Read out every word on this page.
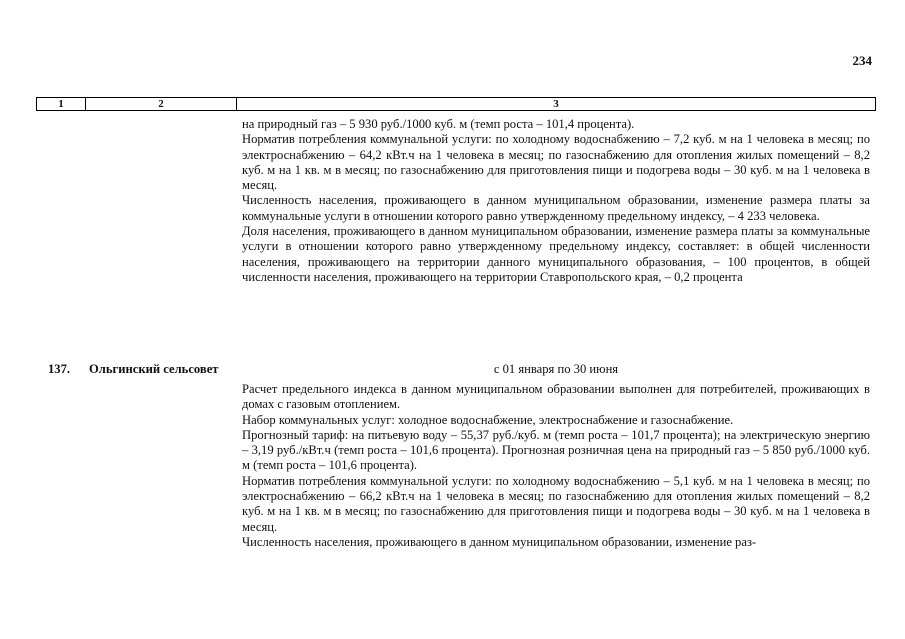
234
1	2	3

на природный газ – 5 930 руб./1000 куб. м (темп роста – 101,4 процента).

Норматив потребления коммунальной услуги: по холодному водоснабжению – 7,2 куб. м на 1 человека в месяц; по электроснабжению – 64,2 кВт.ч на 1 человека в месяц; по газоснабжению для отопления жилых помещений – 8,2 куб. м на 1 кв. м в месяц; по газоснабжению для приготовления пищи и подогрева воды – 30 куб. м на 1 человека в месяц.

Численность населения, проживающего в данном муниципальном образовании, изменение размера платы за коммунальные услуги в отношении которого равно утвержденному предельному индексу, – 4 233 человека.

Доля населения, проживающего в данном муниципальном образовании, изменение размера платы за коммунальные услуги в отношении которого равно утвержденному предельному индексу, составляет: в общей численности населения, проживающего на территории данного муниципального образования, – 100 процентов, в общей численности населения, проживающего на территории Ставропольского края, – 0,2 процента

137. Ольгинский сельсовет	с 01 января по 30 июня

Расчет предельного индекса в данном муниципальном образовании выполнен для потребителей, проживающих в домах с газовым отоплением.

Набор коммунальных услуг: холодное водоснабжение, электроснабжение и газоснабжение.

Прогнозный тариф: на питьевую воду – 55,37 руб./куб. м (темп роста – 101,7 процента); на электрическую энергию – 3,19 руб./кВт.ч (темп роста – 101,6 процента). Прогнозная розничная цена на природный газ – 5 850 руб./1000 куб. м (темп роста – 101,6 процента).

Норматив потребления коммунальной услуги: по холодному водоснабжению – 5,1 куб. м на 1 человека в месяц; по электроснабжению – 66,2 кВт.ч на 1 человека в месяц; по газоснабжению для отопления жилых помещений – 8,2 куб. м на 1 кв. м в месяц; по газоснабжению для приготовления пищи и подогрева воды – 30 куб. м на 1 человека в месяц.

Численность населения, проживающего в данном муниципальном образовании, изменение раз-
